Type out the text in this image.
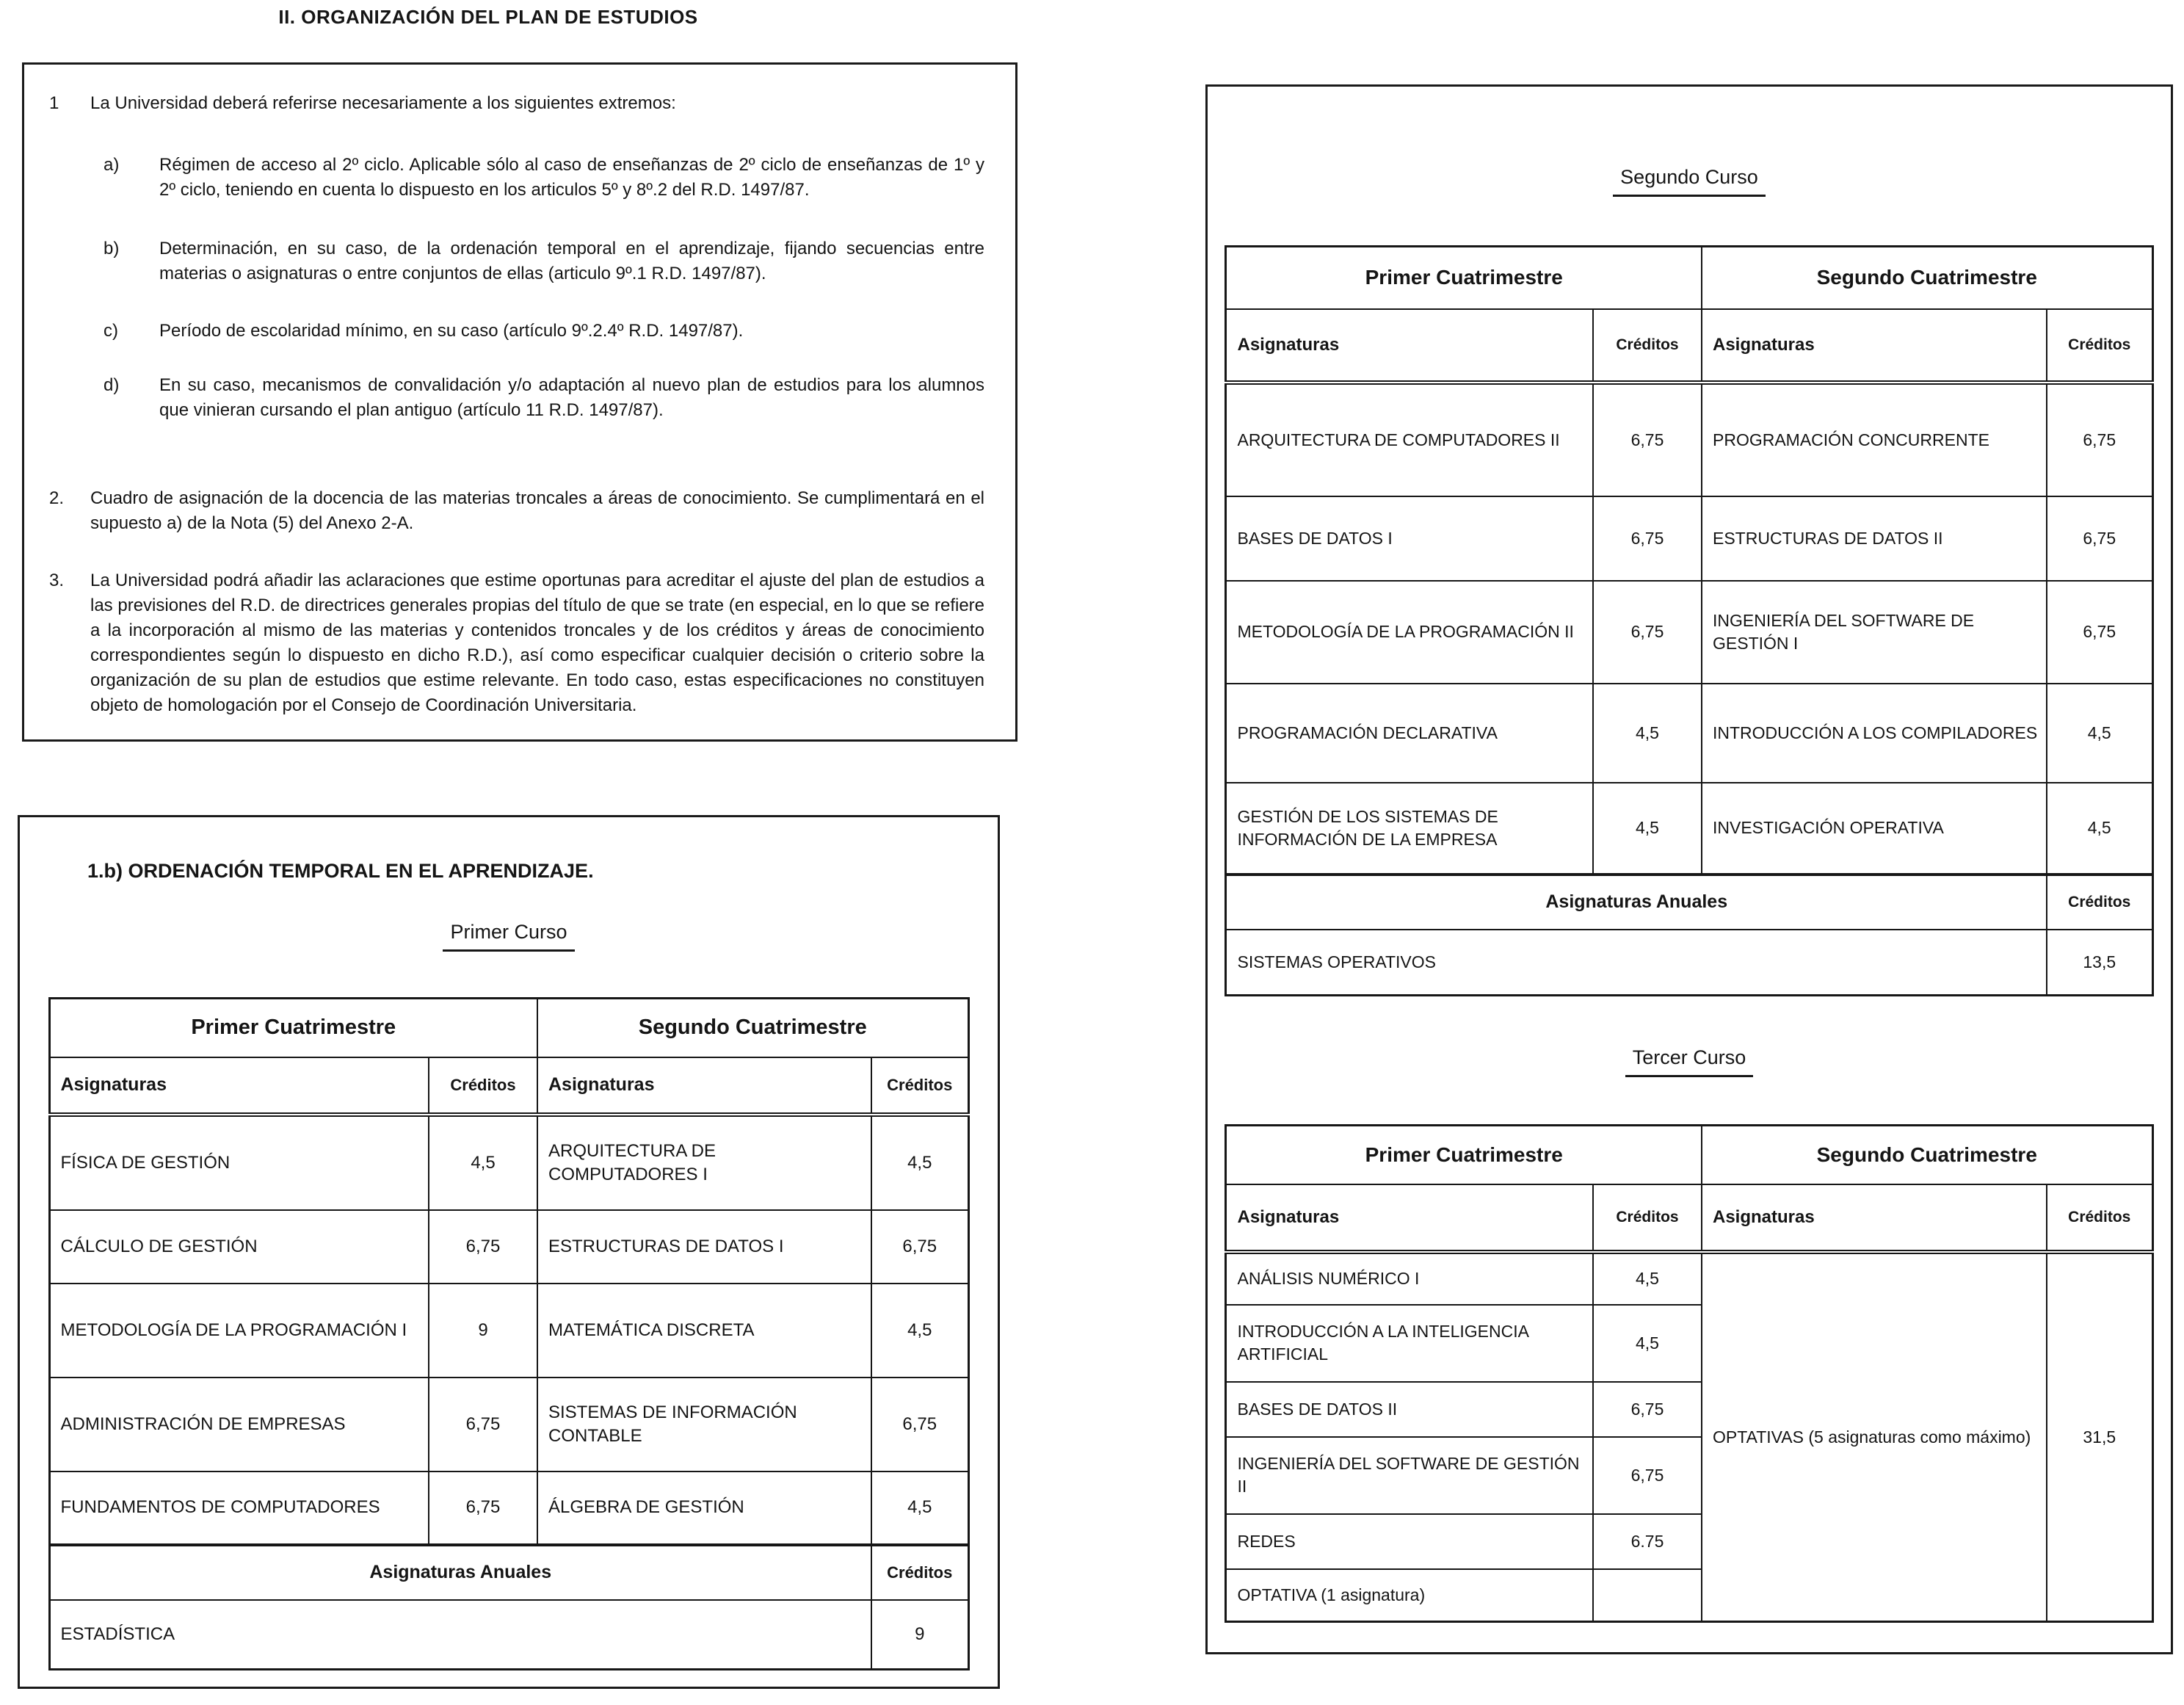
II. ORGANIZACIÓN DEL PLAN DE ESTUDIOS
1	La Universidad deberá referirse necesariamente a los siguientes extremos:
a)	Régimen de acceso al 2º ciclo. Aplicable sólo al caso de enseñanzas de 2º ciclo de enseñanzas de 1º y 2º ciclo, teniendo en cuenta lo dispuesto en los articulos 5º y 8º.2 del R.D. 1497/87.
b)	Determinación, en su caso, de la ordenación temporal en el aprendizaje, fijando secuencias entre materias o asignaturas o entre conjuntos de ellas (articulo 9º.1 R.D. 1497/87).
c)	Período de escolaridad mínimo, en su caso (artículo 9º.2.4º R.D. 1497/87).
d)	En su caso, mecanismos de convalidación y/o adaptación al nuevo plan de estudios para los alumnos que vinieran cursando el plan antiguo (artículo 11 R.D. 1497/87).
2.	Cuadro de asignación de la docencia de las materias troncales a áreas de conocimiento. Se cumplimentará en el supuesto a) de la Nota (5) del Anexo 2-A.
3.	La Universidad podrá añadir las aclaraciones que estime oportunas para acreditar el ajuste del plan de estudios a las previsiones del R.D. de directrices generales propias del título de que se trate (en especial, en lo que se refiere a la incorporación al mismo de las materias y contenidos troncales y de los créditos y áreas de conocimiento correspondientes según lo dispuesto en dicho R.D.), así como especificar cualquier decisión o criterio sobre la organización de su plan de estudios que estime relevante. En todo caso, estas especificaciones no constituyen objeto de homologación por el Consejo de Coordinación Universitaria.
1.b) ORDENACIÓN TEMPORAL EN EL APRENDIZAJE.
Primer Curso
Primer Cuatrimestre		Segundo Cuatrimestre	
Asignaturas	Créditos	Asignaturas	Créditos
FÍSICA DE GESTIÓN	4,5	ARQUITECTURA DE COMPUTADORES I	4,5
CÁLCULO DE GESTIÓN	6,75	ESTRUCTURAS DE DATOS I	6,75
METODOLOGÍA DE LA PROGRAMACIÓN I	9	MATEMÁTICA DISCRETA	4,5
ADMINISTRACIÓN DE EMPRESAS	6,75	SISTEMAS DE INFORMACIÓN CONTABLE	6,75
FUNDAMENTOS DE COMPUTADORES	6,75	ÁLGEBRA DE GESTIÓN	4,5
Asignaturas Anuales			Créditos
ESTADÍSTICA			9
Segundo Curso
Primer Cuatrimestre		Segundo Cuatrimestre	
Asignaturas	Créditos	Asignaturas	Créditos
ARQUITECTURA DE COMPUTADORES II	6,75	PROGRAMACIÓN CONCURRENTE	6,75
BASES DE DATOS I	6,75	ESTRUCTURAS DE DATOS II	6,75
METODOLOGÍA DE LA PROGRAMACIÓN II	6,75	INGENIERÍA DEL SOFTWARE DE GESTIÓN I	6,75
PROGRAMACIÓN DECLARATIVA	4,5	INTRODUCCIÓN A LOS COMPILADORES	4,5
GESTIÓN DE LOS SISTEMAS DE INFORMACIÓN DE LA EMPRESA	4,5	INVESTIGACIÓN OPERATIVA	4,5
Asignaturas Anuales			Créditos
SISTEMAS OPERATIVOS			13,5
Tercer Curso
Primer Cuatrimestre		Segundo Cuatrimestre	
Asignaturas	Créditos	Asignaturas	Créditos
ANÁLISIS NUMÉRICO I	4,5	OPTATIVAS (5 asignaturas como máximo)	31,5
INTRODUCCIÓN A LA INTELIGENCIA ARTIFICIAL	4,5		
BASES DE DATOS II	6,75		
INGENIERÍA DEL SOFTWARE DE GESTIÓN II	6,75		
REDES	6.75		
OPTATIVA (1 asignatura)			
